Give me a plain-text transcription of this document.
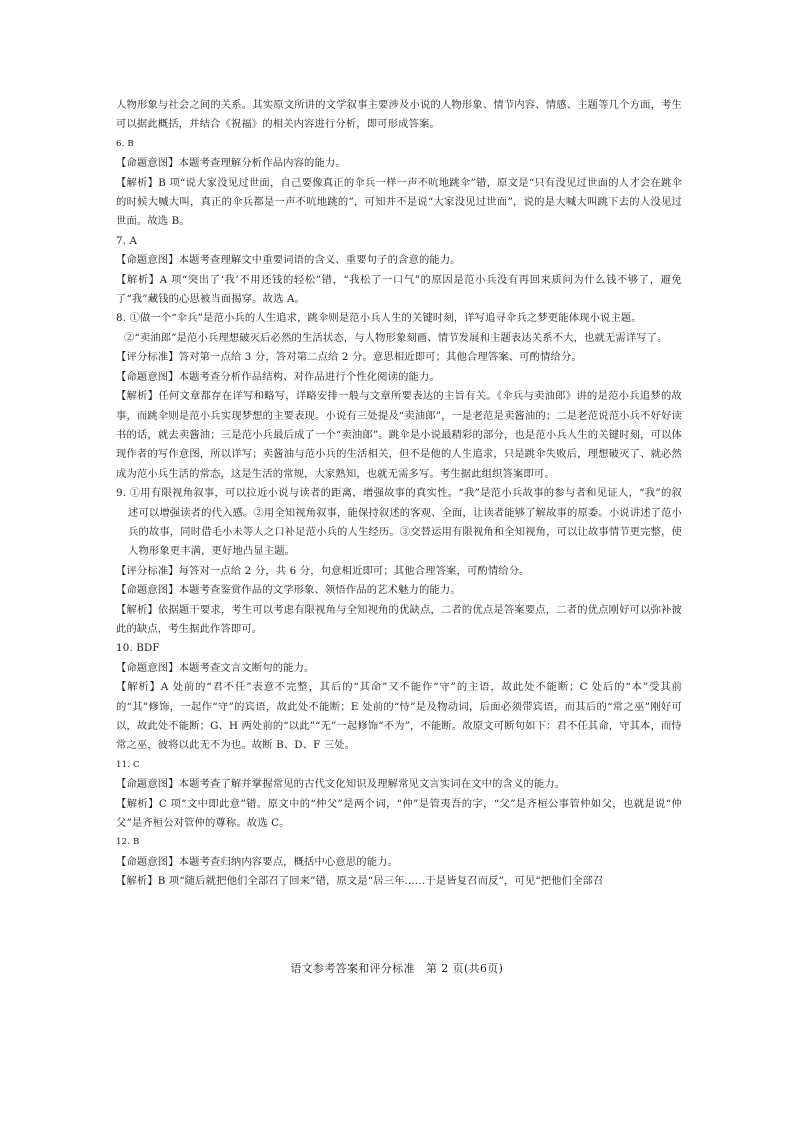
人物形象与社会之间的关系。其实原文所讲的文学叙事主要涉及小说的人物形象、情节内容、情感、主题等几个方面，考生可以据此概括，并结合《祝福》的相关内容进行分析，即可形成答案。

6. B

【命题意图】本题考查理解分析作品内容的能力。

【解析】B 项“说大家没见过世面，自己要像真正的伞兵一样一声不吭地跳伞”错，原文是“只有没见过世面的人才会在跳伞的时候大喊大叫，真正的伞兵都是一声不吭地跳的”，可知并不是说“大家没见过世面”，说的是大喊大叫跳下去的人没见过世面。故选 B。

7. A

【命题意图】本题考查理解文中重要词语的含义、重要句子的含意的能力。

【解析】A 项“突出了‘我’不用还钱的轻松”错，“我松了一口气”的原因是范小兵没有再回来质问为什么钱不够了，避免了“我”藏钱的心思被当面揭穿。故选 A。

8. ①做一个“伞兵”是范小兵的人生追求，跳伞则是范小兵人生的关键时刻，详写追寻伞兵之梦更能体现小说主题。

②“卖油郎”是范小兵理想破灭后必然的生活状态，与人物形象刻画、情节发展和主题表达关系不大，也就无需详写了。

【评分标准】答对第一点给 3 分，答对第二点给 2 分。意思相近即可；其他合理答案、可酌情给分。

【命题意图】本题考查分析作品结构、对作品进行个性化阅读的能力。

【解析】任何文章都存在详写和略写，详略安排一般与文章所要表达的主旨有关。《伞兵与卖油郎》讲的是范小兵追梦的故事，而跳伞则是范小兵实现梦想的主要表现。小说有三处提及“卖油郎”，一是老范是卖酱油的；二是老范说范小兵不好好读书的话，就去卖酱油；三是范小兵最后成了一个“卖油郎”。跳伞是小说最精彩的部分，也是范小兵人生的关键时刻，可以体现作者的写作意图，所以详写；卖酱油与范小兵的生活相关，但不是他的人生追求，只是跳伞失败后，理想破灭了、就必然成为范小兵生活的常态，这是生活的常规，大家熟知，也就无需多写。考生据此组织答案即可。

9. ①用有限视角叙事，可以拉近小说与读者的距离，增强故事的真实性。“我”是范小兵故事的参与者和见证人，“我”的叙述可以增强读者的代入感。②用全知视角叙事，能保持叙述的客观、全面，让读者能够了解故事的原委。小说讲述了范小兵的故事，同时借毛小未等人之口补足范小兵的人生经历。③交替运用有限视角和全知视角，可以让故事情节更完整，使人物形象更丰满，更好地凸显主题。

【评分标准】每答对一点给 2 分，共 6 分，句意相近即可；其他合理答案，可酌情给分。

【命题意图】本题考查鉴赏作品的文学形象、领悟作品的艺术魅力的能力。

【解析】依据题干要求，考生可以考虑有限视角与全知视角的优缺点，二者的优点是答案要点，二者的优点刚好可以弥补彼此的缺点，考生据此作答即可。

10. BDF

【命题意图】本题考查文言文断句的能力。

【解析】A 处前的“君不任”表意不完整，其后的“其命”又不能作“守”的主语，故此处不能断；C 处后的“本”受其前的“其”修饰，一起作“守”的宾语，故此处不能断；E 处前的“恃”是及物动词，后面必须带宾语，而其后的“常之巫”刚好可以，故此处不能断；G、H 两处前的“以此”“无”一起修饰“不为”，不能断。故原文可断句如下：君不任其命，守其本，而恃常之巫，彼将以此无不为也。故断 B、D、F 三处。

11. C

【命题意图】本题考查了解并掌握常见的古代文化知识及理解常见文言实词在文中的含义的能力。

【解析】C 项“文中即此意”错。原文中的“仲父”是两个词，“仲”是管夷吾的字，“父”是齐桓公事管仲如父，也就是说“仲父”是齐桓公对管仲的尊称。故选 C。

12. B

【命题意图】本题考查归纳内容要点，概括中心意思的能力。

【解析】B 项“随后就把他们全部召了回来”错，原文是“居三年……于是皆复召而反”，可见“把他们全部召

语文参考答案和评分标准　第 2 页(共6页)
